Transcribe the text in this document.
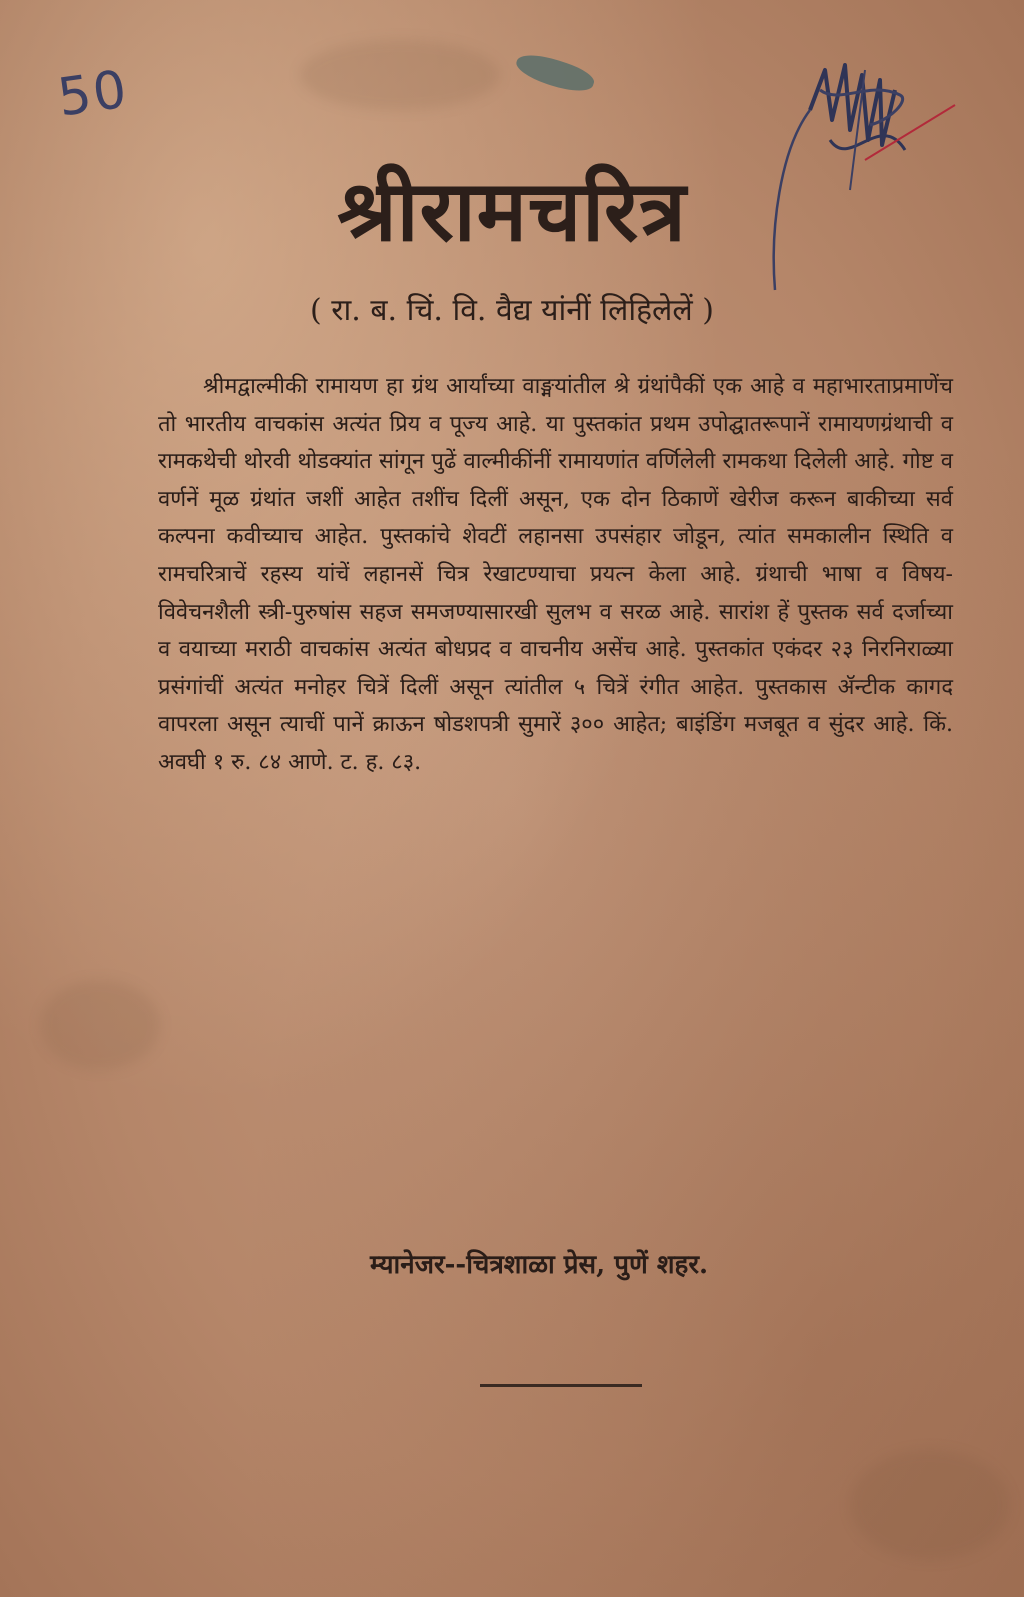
50
श्रीरामचरित्र
( रा. ब. चिं. वि. वैद्य यांनीं लिहिलेलें )

श्रीमद्वाल्मीकी रामायण हा ग्रंथ आर्यांच्या वाङ्मयांतील श्रे ग्रंथांपैकीं एक आहे व महाभारताप्रमाणेंच तो भारतीय वाचकांस अत्यंत प्रिय व पूज्य आहे. या पुस्तकांत प्रथम उपोद्घातरूपानें रामायणग्रंथाची व रामकथेची थोरवी थोडक्यांत सांगून पुढें वाल्मीकींनीं रामायणांत वर्णिलेली रामकथा दिलेली आहे. गोष्ट व वर्णनें मूळ ग्रंथांत जशीं आहेत तशींच दिलीं असून, एक दोन ठिकाणें खेरीज करून बाकीच्या सर्व कल्पना कवीच्याच आहेत. पुस्तकांचे शेवटीं लहानसा उपसंहार जोडून, त्यांत समकालीन स्थिति व रामचरित्राचें रहस्य यांचें लहानसें चित्र रेखाटण्याचा प्रयत्न केला आहे. ग्रंथाची भाषा व विषय-विवेचनशैली स्त्री-पुरुषांस सहज समजण्यासारखी सुलभ व सरळ आहे. सारांश हें पुस्तक सर्व दर्जाच्या व वयाच्या मराठी वाचकांस अत्यंत बोधप्रद व वाचनीय असेंच आहे. पुस्तकांत एकंदर २३ निरनिराळ्या प्रसंगांचीं अत्यंत मनोहर चित्रें दिलीं असून त्यांतील ५ चित्रें रंगीत आहेत. पुस्तकास ॲन्टीक कागद वापरला असून त्याचीं पानें क्राऊन षोडशपत्री सुमारें ३०० आहेत; बाइंडिंग मजबूत व सुंदर आहे. किं. अवघी १ रु. ८४ आणे. ट. ह. ८३.

म्यानेजर--चित्रशाळा प्रेस, पुणें शहर.
